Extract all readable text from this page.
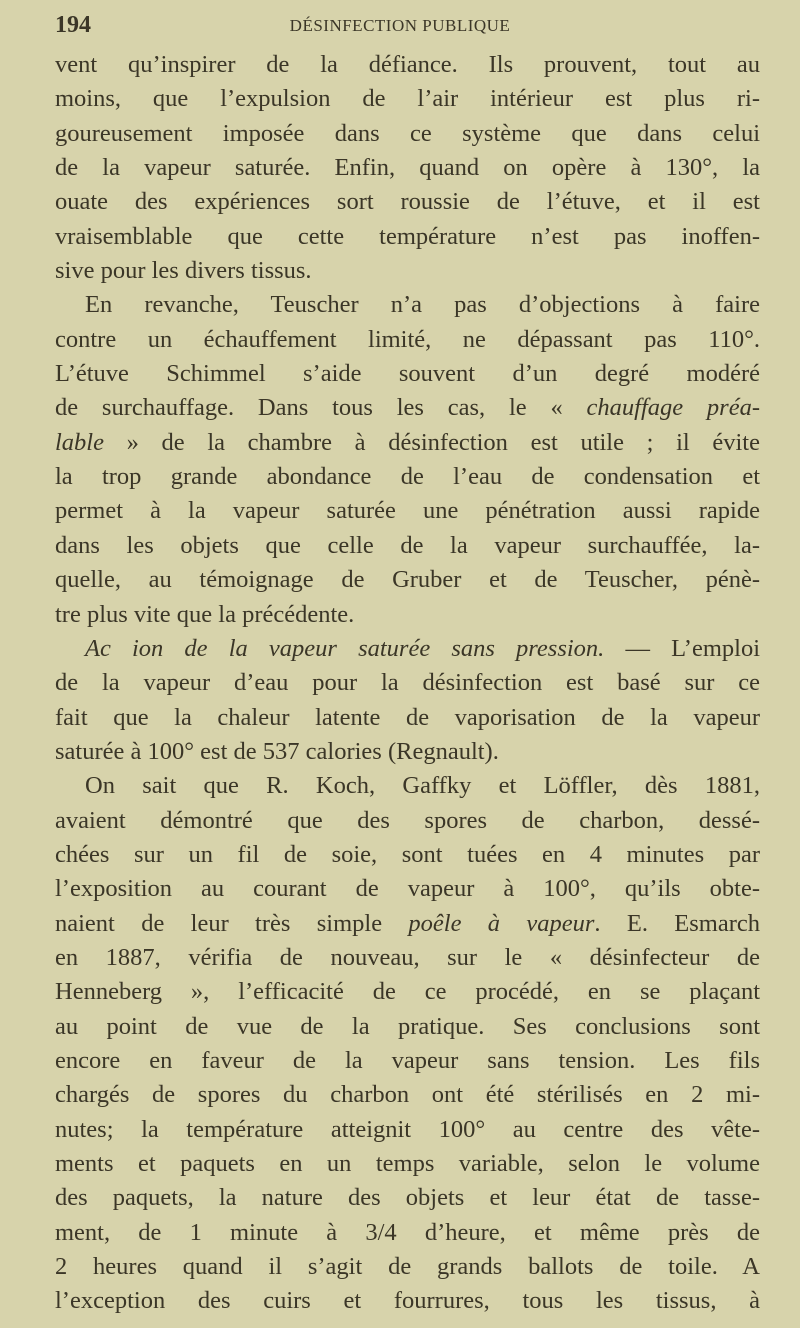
194	DÉSINFECTION PUBLIQUE
vent qu’inspirer de la défiance. Ils prouvent, tout au
moins, que l’expulsion de l’air intérieur est plus ri-
goureusement imposée dans ce système que dans celui
de la vapeur saturée. Enfin, quand on opère à 130°, la
ouate des expériences sort roussie de l’étuve, et il est
vraisemblable que cette température n’est pas inoffen-
sive pour les divers tissus.
En revanche, Teuscher n’a pas d’objections à faire
contre un échauffement limité, ne dépassant pas 110°.
L’étuve Schimmel s’aide souvent d’un degré modéré
de surchauffage. Dans tous les cas, le « chauffage préa-
lable » de la chambre à désinfection est utile ; il évite
la trop grande abondance de l’eau de condensation et
permet à la vapeur saturée une pénétration aussi rapide
dans les objets que celle de la vapeur surchauffée, la-
quelle, au témoignage de Gruber et de Teuscher, pénè-
tre plus vite que la précédente.
Ac ion de la vapeur saturée sans pression. — L’emploi
de la vapeur d’eau pour la désinfection est basé sur ce
fait que la chaleur latente de vaporisation de la vapeur
saturée à 100° est de 537 calories (Regnault).
On sait que R. Koch, Gaffky et Löffler, dès 1881,
avaient démontré que des spores de charbon, dessé-
chées sur un fil de soie, sont tuées en 4 minutes par
l’exposition au courant de vapeur à 100°, qu’ils obte-
naient de leur très simple poêle à vapeur. E. Esmarch
en 1887, vérifia de nouveau, sur le « désinfecteur de
Henneberg », l’efficacité de ce procédé, en se plaçant
au point de vue de la pratique. Ses conclusions sont
encore en faveur de la vapeur sans tension. Les fils
chargés de spores du charbon ont été stérilisés en 2 mi-
nutes; la température atteignit 100° au centre des vête-
ments et paquets en un temps variable, selon le volume
des paquets, la nature des objets et leur état de tasse-
ment, de 1 minute à 3/4 d’heure, et même près de
2 heures quand il s’agit de grands ballots de toile. A
l’exception des cuirs et fourrures, tous les tissus, à
